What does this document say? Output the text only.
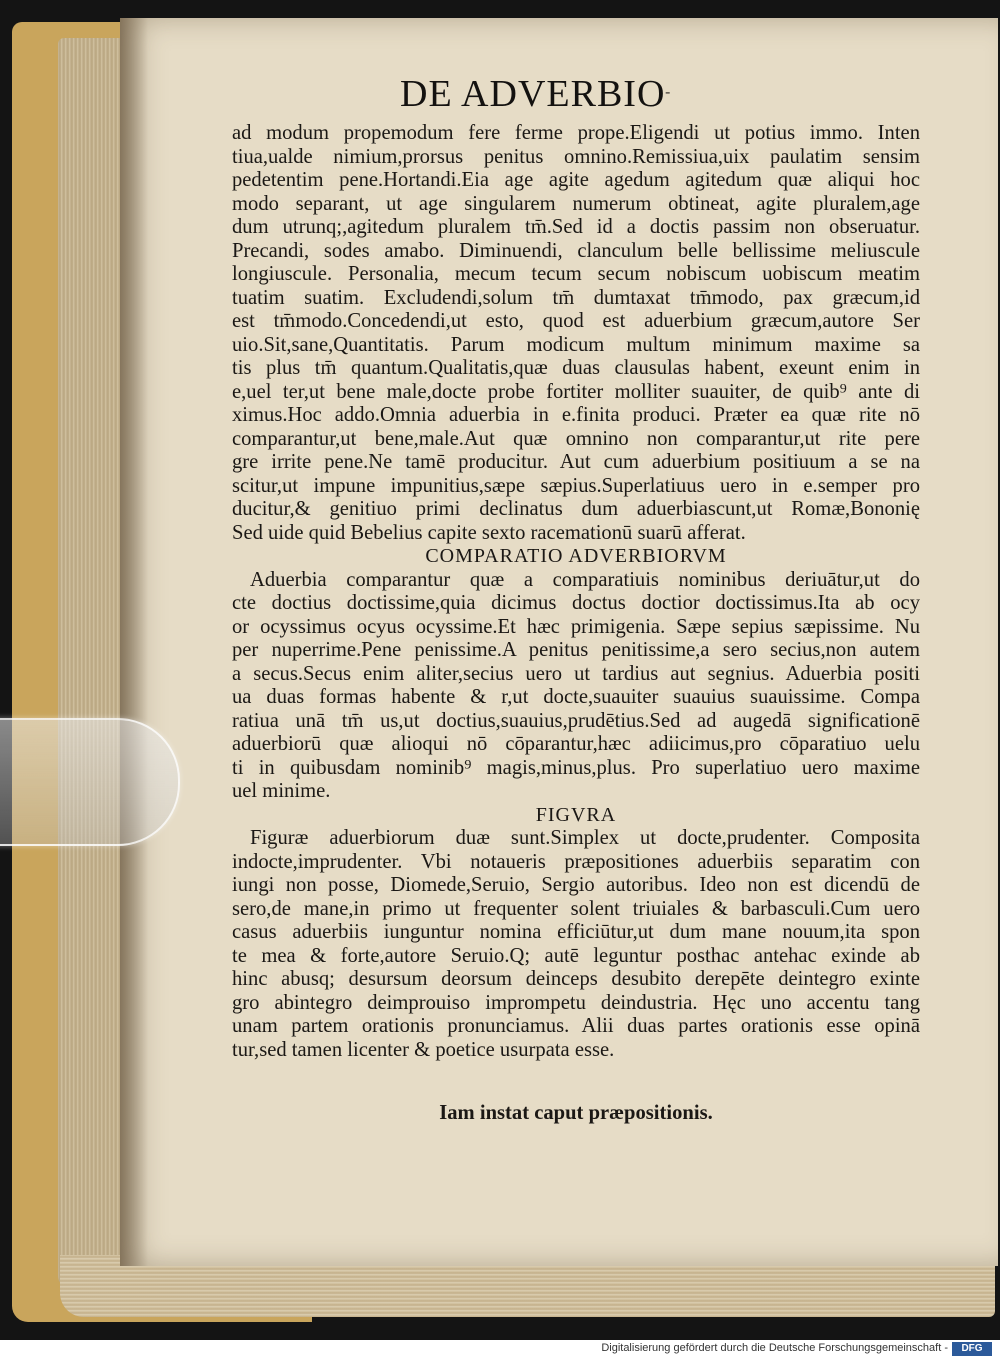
DE ADVERBIO -
ad modum propemodum fere ferme prope.Eligendi ut potius immo. Inten
tiua,ualde nimium,prorsus penitus omnino.Remissiua,uix paulatim sensim
pedetentim pene.Hortandi.Eia age agite agedum agitedum quæ aliqui hoc
modo separant, ut age singularem numerum obtineat, agite pluralem,age
dum utrunq;,agitedum pluralem tm̄.Sed id a doctis passim non obseruatur.
Precandi, sodes amabo. Diminuendi, clanculum belle bellissime meliuscule
longiuscule. Personalia, mecum tecum secum nobiscum uobiscum meatim
tuatim suatim. Excludendi,solum tm̄ dumtaxat tm̄modo, pax græcum,id
est tm̄modo.Concedendi,ut esto, quod est aduerbium græcum,autore Ser
uio.Sit,sane,Quantitatis. Parum modicum multum minimum maxime sa
tis plus tm̄ quantum.Qualitatis,quæ duas clausulas habent, exeunt enim in
e,uel ter,ut bene male,docte probe fortiter molliter suauiter, de quib⁹ ante di
ximus.Hoc addo.Omnia aduerbia in e.finita produci. Præter ea quæ rite nō
comparantur,ut bene,male.Aut quæ omnino non comparantur,ut rite pere
gre irrite pene.Ne tamē producitur. Aut cum aduerbium positiuum a se na
scitur,ut impune impunitius,sæpe sæpius.Superlatiuus uero in e.semper pro
ducitur,& genitiuo primi declinatus dum aduerbiascunt,ut Romæ,Bononię
Sed uide quid Bebelius capite sexto racemationū suarū afferat.
COMPARATIO ADVERBIORVM
Aduerbia comparantur quæ a comparatiuis nominibus deriuātur,ut do
cte doctius doctissime,quia dicimus doctus doctior doctissimus.Ita ab ocy
or ocyssimus ocyus ocyssime.Et hæc primigenia. Sæpe sepius sæpissime. Nu
per nuperrime.Pene penissime.A penitus penitissime,a sero secius,non autem
a secus.Secus enim aliter,secius uero ut tardius aut segnius. Aduerbia positi
ua duas formas habente & r,ut docte,suauiter suauius suauissime. Compa
ratiua unā tm̄ us,ut doctius,suauius,prudētius.Sed ad augedā significationē
aduerbiorū quæ alioqui nō cōparantur,hæc adiicimus,pro cōparatiuo uelu
ti in quibusdam nominib⁹ magis,minus,plus. Pro superlatiuo uero maxime
uel minime.
FIGVRA
Figuræ aduerbiorum duæ sunt.Simplex ut docte,prudenter. Composita
indocte,imprudenter. Vbi notaueris præpositiones aduerbiis separatim con
iungi non posse, Diomede,Seruio, Sergio autoribus. Ideo non est dicendū de
sero,de mane,in primo ut frequenter solent triuiales & barbasculi.Cum uero
casus aduerbiis iunguntur nomina efficiūtur,ut dum mane nouum,ita spon
te mea & forte,autore Seruio.Q; autē leguntur posthac antehac exinde ab
hinc abusq; desursum deorsum deinceps desubito derepēte deintegro exinte
gro abintegro deimprouiso imprompetu deindustria. Hęc uno accentu tang
unam partem orationis pronunciamus. Alii duas partes orationis esse opinā
tur,sed tamen licenter & poetice usurpata esse.
Iam instat caput præpositionis.
Digitalisierung gefördert durch die Deutsche Forschungsgemeinschaft -	DFG
